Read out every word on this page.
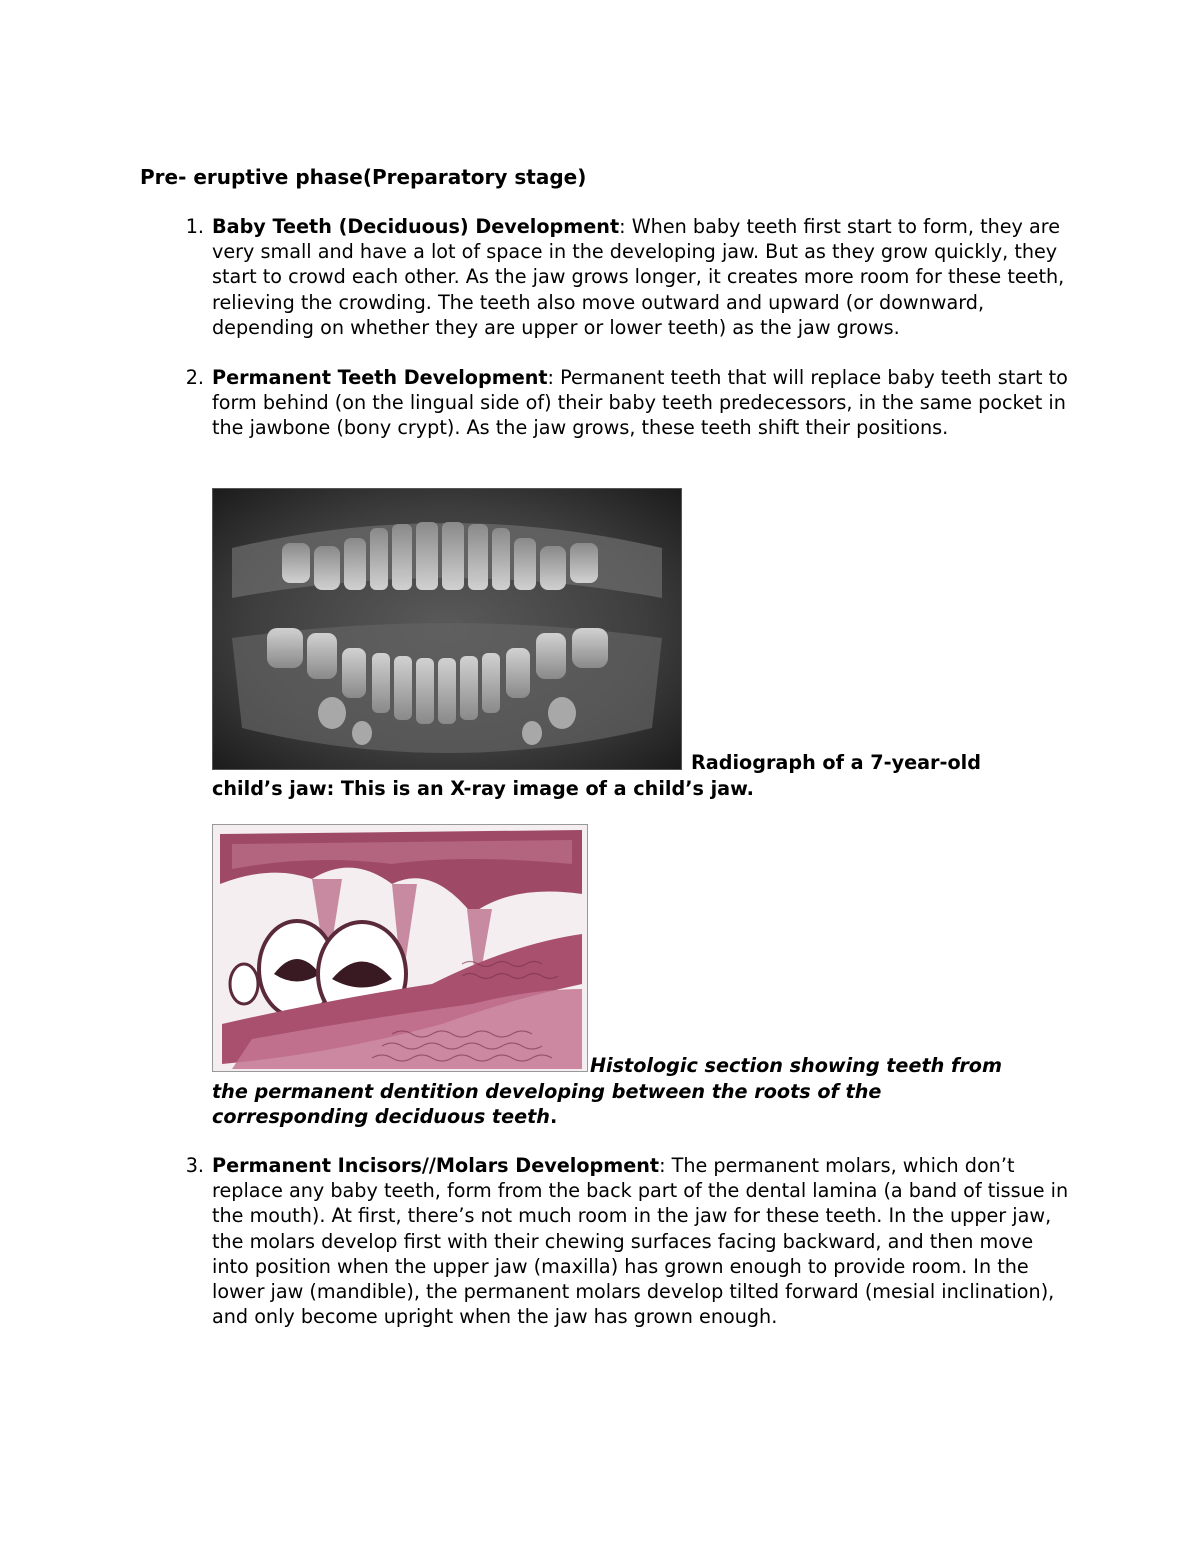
Pre- eruptive phase(Preparatory stage)
1. Baby Teeth (Deciduous) Development: When baby teeth first start to form, they are very small and have a lot of space in the developing jaw. But as they grow quickly, they start to crowd each other. As the jaw grows longer, it creates more room for these teeth, relieving the crowding. The teeth also move outward and upward (or downward, depending on whether they are upper or lower teeth) as the jaw grows.

2. Permanent Teeth Development: Permanent teeth that will replace baby teeth start to form behind (on the lingual side of) their baby teeth predecessors, in the same pocket in the jawbone (bony crypt). As the jaw grows, these teeth shift their positions.

Radiograph of a 7-year-old
child’s jaw: This is an X-ray image of a child’s jaw.
Histologic section showing teeth from
the permanent dentition developing between the roots of the
corresponding deciduous teeth.
3. Permanent Incisors//Molars Development: The permanent molars, which don’t replace any baby teeth, form from the back part of the dental lamina (a band of tissue in the mouth). At first, there’s not much room in the jaw for these teeth. In the upper jaw, the molars develop first with their chewing surfaces facing backward, and then move into position when the upper jaw (maxilla) has grown enough to provide room. In the lower jaw (mandible), the permanent molars develop tilted forward (mesial inclination), and only become upright when the jaw has grown enough.
